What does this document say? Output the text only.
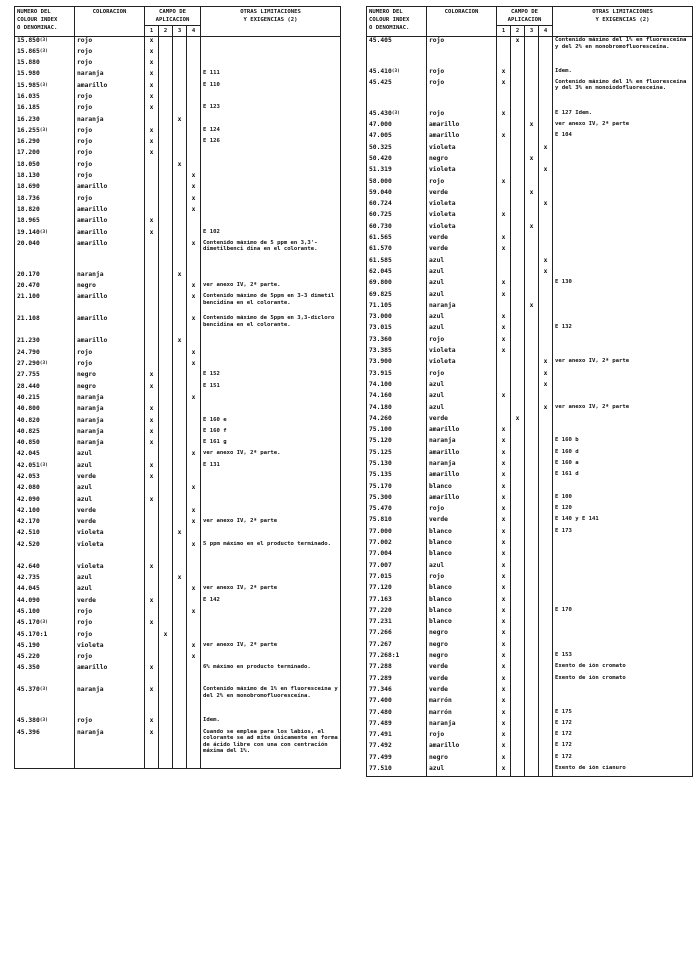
NUMERO DEL
COLOUR INDEX
O DENOMINAC.	COLORACION	CAMPO DE
APLICACION				OTRAS LIMITACIONES
Y EXIGENCIAS (2)
		1	2	3	4	
15.850$^{(3)}$	rojo	x				

15.865$^{(3)}$	rojo	x				

15.880	rojo	x				

15.980	naranja	x				E 111

15.985$^{(3)}$	amarillo	x				E 110

16.035	rojo	x				

16.185	rojo	x				E 123

16.230	naranja			x		

16.255$^{(3)}$	rojo	x				E 124

16.290	rojo	x				E 126

17.200	rojo	x				

18.050	rojo			x		

18.130	rojo				x	

18.690	amarillo				x	

18.736	rojo				x	

18.820	amarillo				x	

18.965	amarillo	x				

19.140$^{(3)}$	amarillo	x				E 102

20.040	amarillo				x	Contenido máximo de 5 ppm en 3,3'-dimetilbenci dina en el colorante.

20.170	naranja			x		

20.470	negro				x	ver anexo IV, 2ª parte.

21.100	amarillo				x	Contenido máximo de 5ppm en 3-3 dimetil bencidina en el colorante.

21.108	amarillo				x	Contenido máximo de 5ppm en 3,3-dicloro bencidina en el colorante.

21.230	amarillo			x		

24.790	rojo				x	

27.290$^{(3)}$	rojo				x	

27.755	negro	x				E 152

28.440	negro	x				E 151

40.215	naranja				x	

40.800	naranja	x				

40.820	naranja	x				E 160 e

40.825	naranja	x				E 160 f

40.850	naranja	x				E 161 g

42.045	azul				x	ver anexo IV, 2ª parte.

42.051$^{(3)}$	azul	x				E 131

42.053	verde	x				

42.080	azul				x	

42.090	azul	x				

42.100	verde				x	

42.170	verde				x	ver anexo IV, 2ª parte

42.510	violeta			x		

42.520	violeta				x	5 ppm máximo en el producto terminado.

42.640	violeta	x				

42.735	azul			x		

44.045	azul				x	ver anexo IV, 2ª parte

44.090	verde	x				E 142

45.100	rojo				x	

45.170$^{(3)}$	rojo	x				

45.170:1	rojo		x			

45.190	violeta				x	ver anexo IV, 2ª parte

45.220	rojo				x	

45.350	amarillo	x				6% máximo en producto terminado.

45.370$^{(3)}$	naranja	x				Contenido máximo de 1% en fluoresceína y del 2% en monobromofluoresceína.

45.380$^{(3)}$	rojo	x				Idem.

45.396	naranja	x				Cuando se emplea para los labios, el colorante se ad mite únicamente en forma de ácido libre con una con centración máxima del 1%.
NUMERO DEL
COLOUR INDEX
O DENOMINAC.	COLORACION	CAMPO DE
APLICACION				OTRAS LIMITACIONES
Y EXIGENCIAS (2)
		1	2	3	4	
45.405	rojo		x			Contenido máximo del 1% en fluoresceína y del 2% en monobromofluoresceína.

45.410$^{(3)}$	rojo	x				Idem.

45.425	rojo	x				Contenido máximo del 1% en fluoresceína y del 3% en monoiodofluoresceína.

45.430$^{(3)}$	rojo	x				E 127 Idem.

47.000	amarillo			x		ver anexo IV, 2ª parte

47.005	amarillo	x				E 104

50.325	violeta				x	

50.420	negro			x		

51.319	violeta				x	

58.000	rojo	x				

59.040	verde			x		

60.724	violeta				x	

60.725	violeta	x				

60.730	violeta			x		

61.565	verde	x				

61.570	verde	x				

61.585	azul				x	

62.045	azul				x	

69.800	azul	x				E 130

69.825	azul	x				

71.105	naranja			x		

73.000	azul	x				

73.015	azul	x				E 132

73.360	rojo	x				

73.385	violeta	x				

73.900	violeta				x	ver anexo IV, 2ª parte

73.915	rojo				x	

74.100	azul				x	

74.160	azul	x				

74.180	azul				x	ver anexo IV, 2ª parte

74.260	verde		x			

75.100	amarillo	x				

75.120	naranja	x				E 160 b

75.125	amarillo	x				E 160 d

75.130	naranja	x				E 160 a

75.135	amarillo	x				E 161 d

75.170	blanco	x				

75.300	amarillo	x				E 100

75.470	rojo	x				E 120

75.810	verde	x				E 140 y E 141

77.000	blanco	x				E 173

77.002	blanco	x				

77.004	blanco	x				

77.007	azul	x				

77.015	rojo	x				

77.120	blanco	x				

77.163	blanco	x				

77.220	blanco	x				E 170

77.231	blanco	x				

77.266	negro	x				

77.267	negro	x				

77.268:1	negro	x				E 153

77.288	verde	x				Exento de ión cromato

77.289	verde	x				Exento de ión cromato

77.346	verde	x				

77.400	marrón	x				

77.480	marrón	x				E 175

77.489	naranja	x				E 172

77.491	rojo	x				E 172

77.492	amarillo	x				E 172

77.499	negro	x				E 172

77.510	azul	x				Exento de ión cianuro
